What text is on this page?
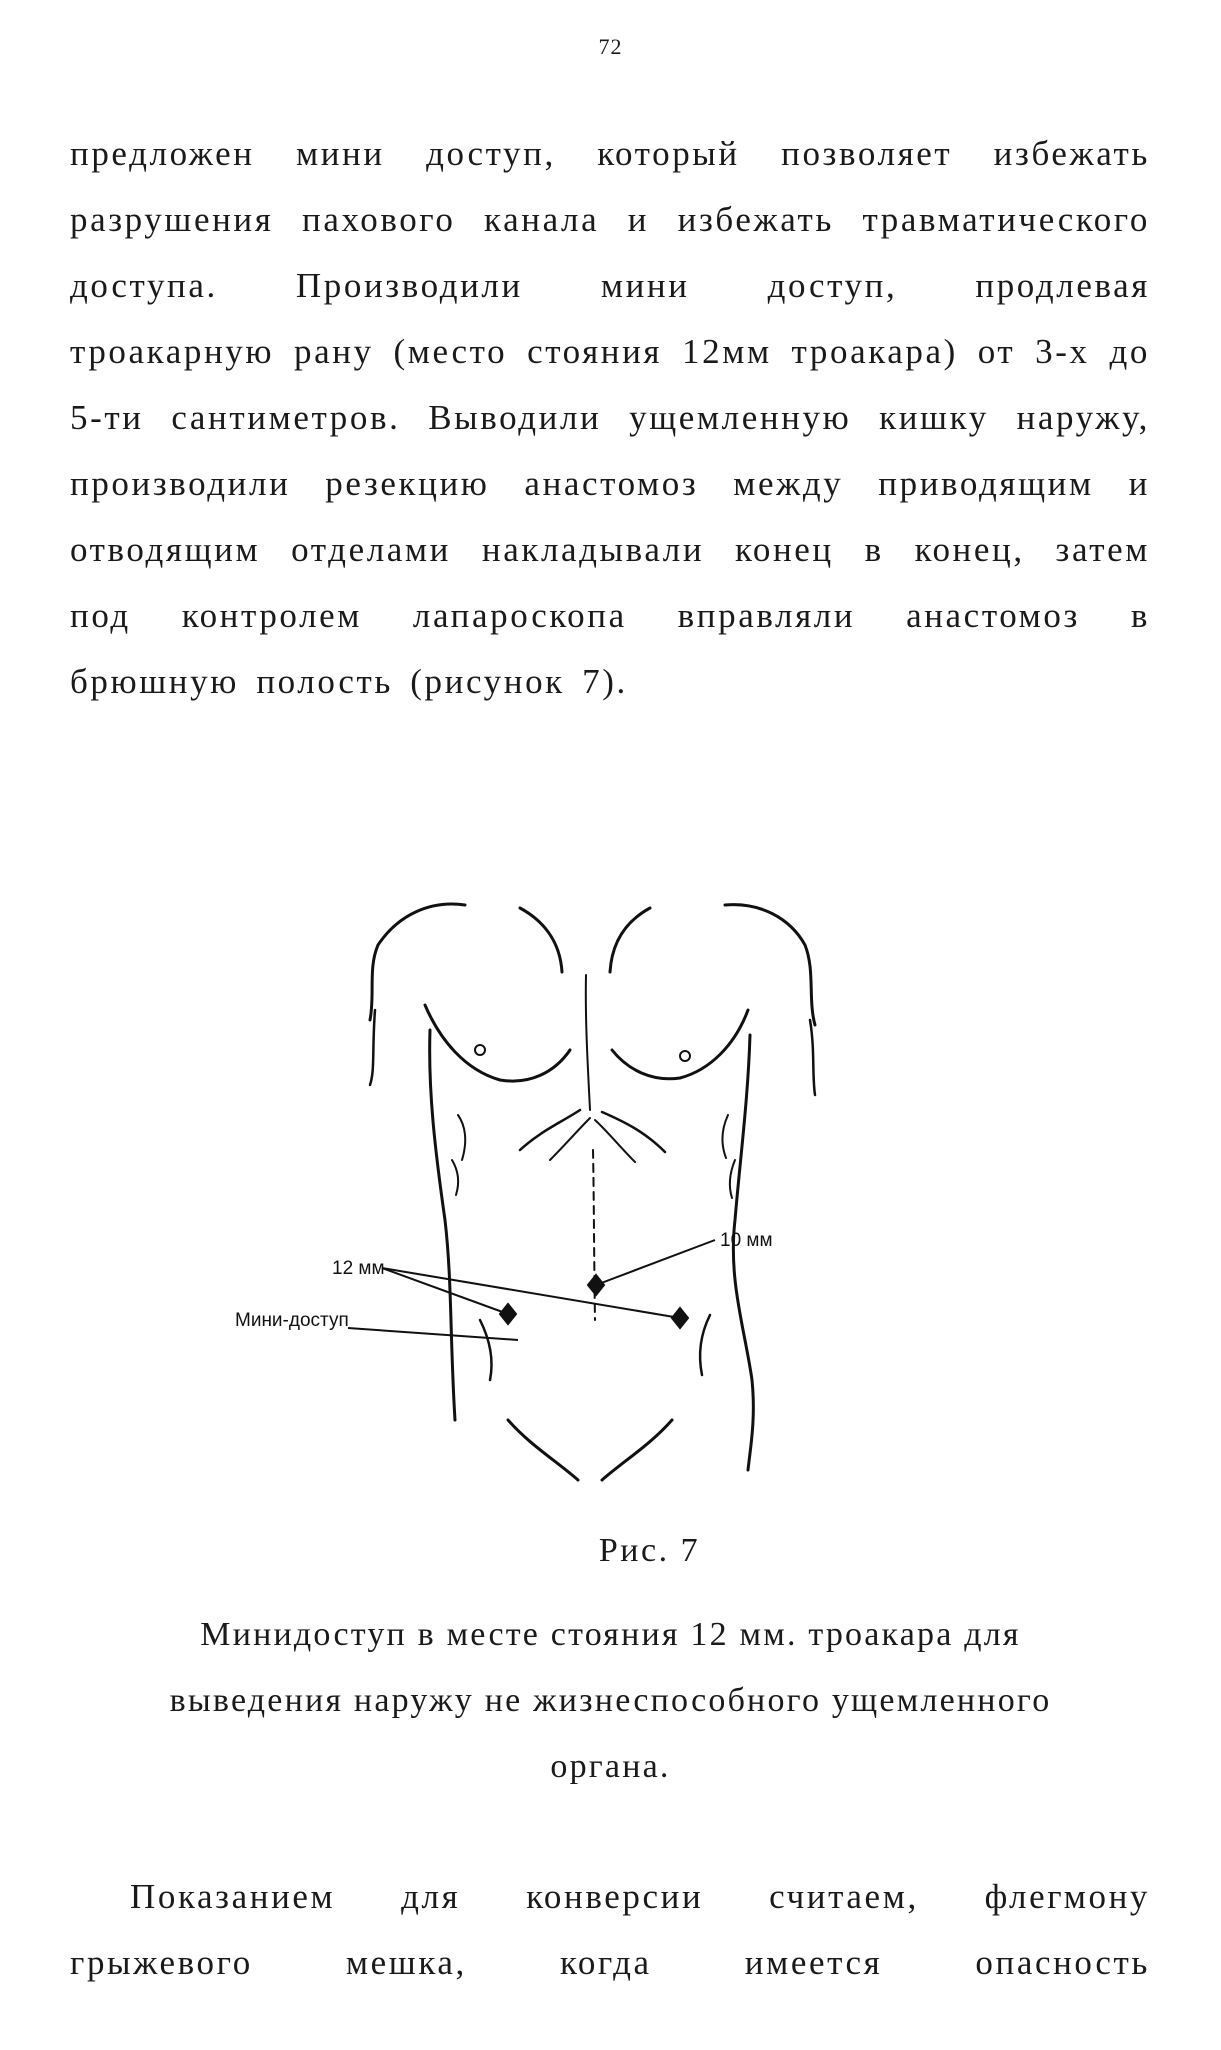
72
предложен мини доступ, который позволяет избежать
разрушения пахового канала и избежать травматического
доступа. Производили мини доступ, продлевая
троакарную рану (место стояния 12мм троакара) от 3-х до
5-ти сантиметров. Выводили ущемленную кишку наружу,
производили резекцию анастомоз между приводящим и
отводящим отделами накладывали конец в конец, затем
под контролем лапароскопа вправляли анастомоз в
брюшную полость (рисунок 7).
12 мм
10 мм
Мини-доступ
Рис. 7
Минидоступ в месте стояния 12 мм. троакара для
выведения наружу не жизнеспособного ущемленного
органа.
Показанием для конверсии считаем, флегмону
грыжевого мешка, когда имеется опасность
